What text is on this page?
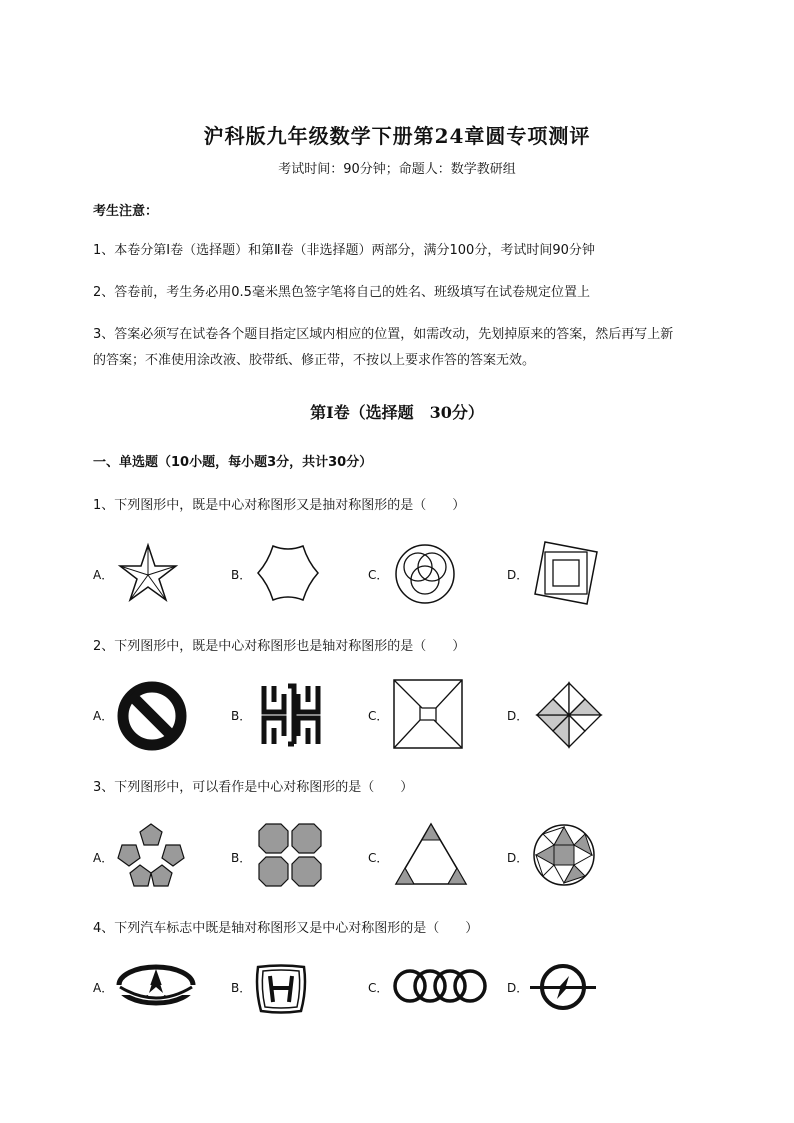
沪科版九年级数学下册第24章圆专项测评
考试时间：90分钟；命题人：数学教研组
考生注意：
1、本卷分第I卷（选择题）和第Ⅱ卷（非选择题）两部分，满分100分，考试时间90分钟
2、答卷前，考生务必用0.5毫米黑色签字笔将自己的姓名、班级填写在试卷规定位置上
3、答案必须写在试卷各个题目指定区域内相应的位置，如需改动，先划掉原来的答案，然后再写上新
的答案；不准使用涂改液、胶带纸、修正带，不按以上要求作答的答案无效。
第I卷（选择题　30分）
一、单选题（10小题，每小题3分，共计30分）
1、下列图形中，既是中心对称图形又是抽对称图形的是（　　）
A．	B．	C．	D．
2、下列图形中，既是中心对称图形也是轴对称图形的是（　　）
A．	B．	C．	D．
3、下列图形中，可以看作是中心对称图形的是（　　）
A．	B．	C．	D．
4、下列汽车标志中既是轴对称图形又是中心对称图形的是（　　）
A．	B．	C．	D．
